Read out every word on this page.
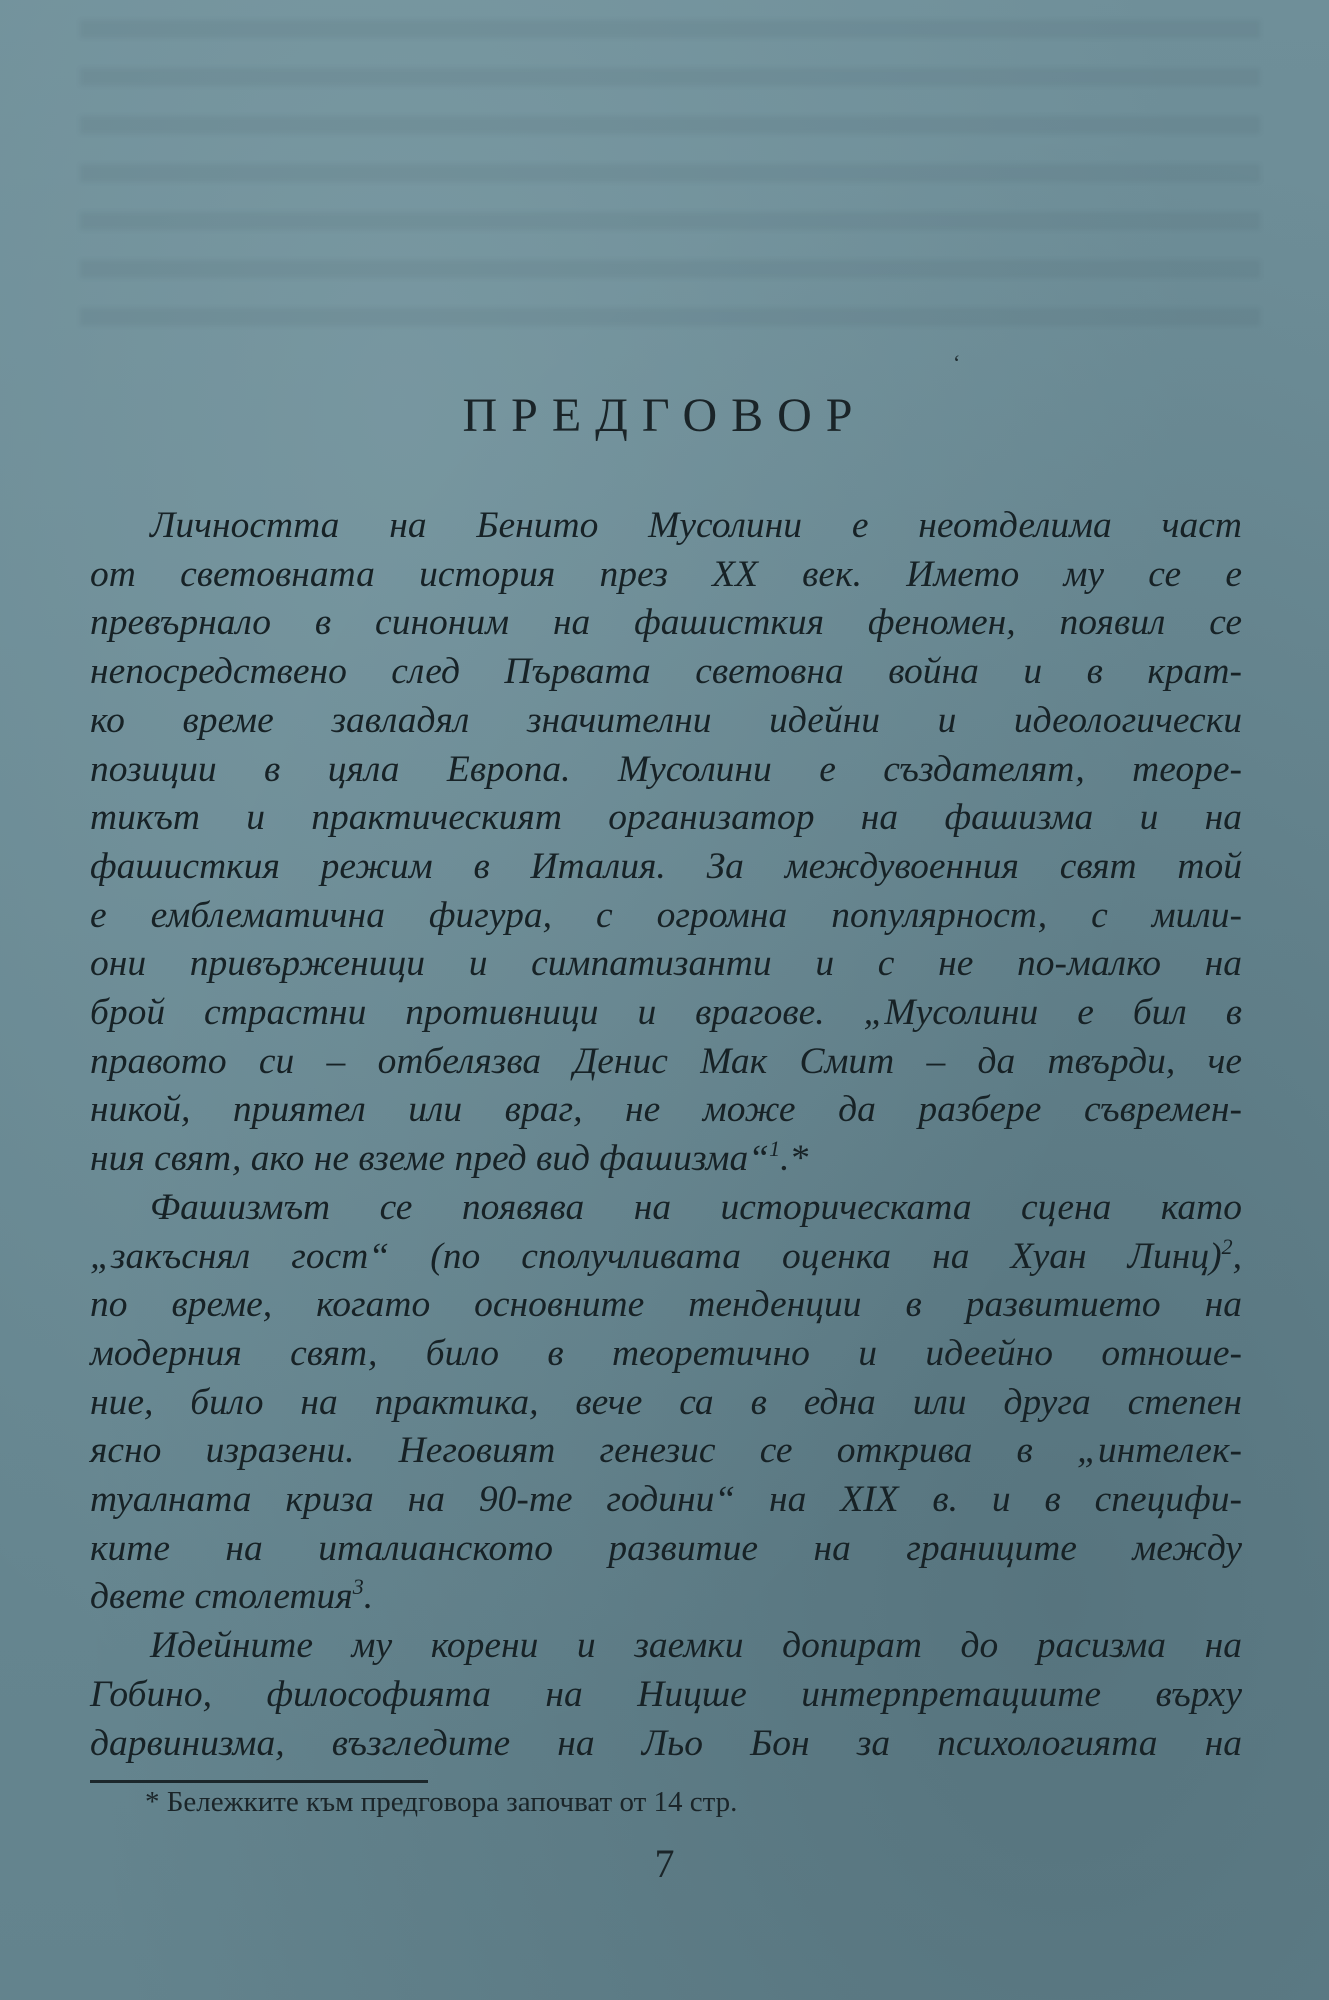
‘
ПРЕДГОВОР
Личността на Бенито Мусолини е неотделима част
от световната история през XX век. Името му се е
превърнало в синоним на фашисткия феномен, появил се
непосредствено след Първата световна война и в крат-
ко време завладял значителни идейни и идеологически
позиции в цяла Европа. Мусолини е създателят, теоре-
тикът и практическият организатор на фашизма и на
фашисткия режим в Италия. За междувоенния свят той
е емблематична фигура, с огромна популярност, с мили-
они привърженици и симпатизанти и с не по-малко на
брой страстни противници и врагове. „Мусолини е бил в
правото си – отбелязва Денис Мак Смит – да твърди, че
никой, приятел или враг, не може да разбере съвремен-
ния свят, ако не вземе пред вид фашизма“$^1$.*
Фашизмът се появява на историческата сцена като
„закъснял гост“ (по сполучливата оценка на Хуан Линц)$^2$,
по време, когато основните тенденции в развитието на
модерния свят, било в теоретично и идеейно отноше-
ние, било на практика, вече са в една или друга степен
ясно изразени. Неговият генезис се открива в „интелек-
туалната криза на 90-те години“ на XIX в. и в специфи-
ките на италианското развитие на границите между
двете столетия$^3$.
Идейните му корени и заемки допират до расизма на
Гобино, философията на Ницше интерпретациите върху
дарвинизма, възгледите на Льо Бон за психологията на
* Бележките към предговора започват от 14 стр.
7
